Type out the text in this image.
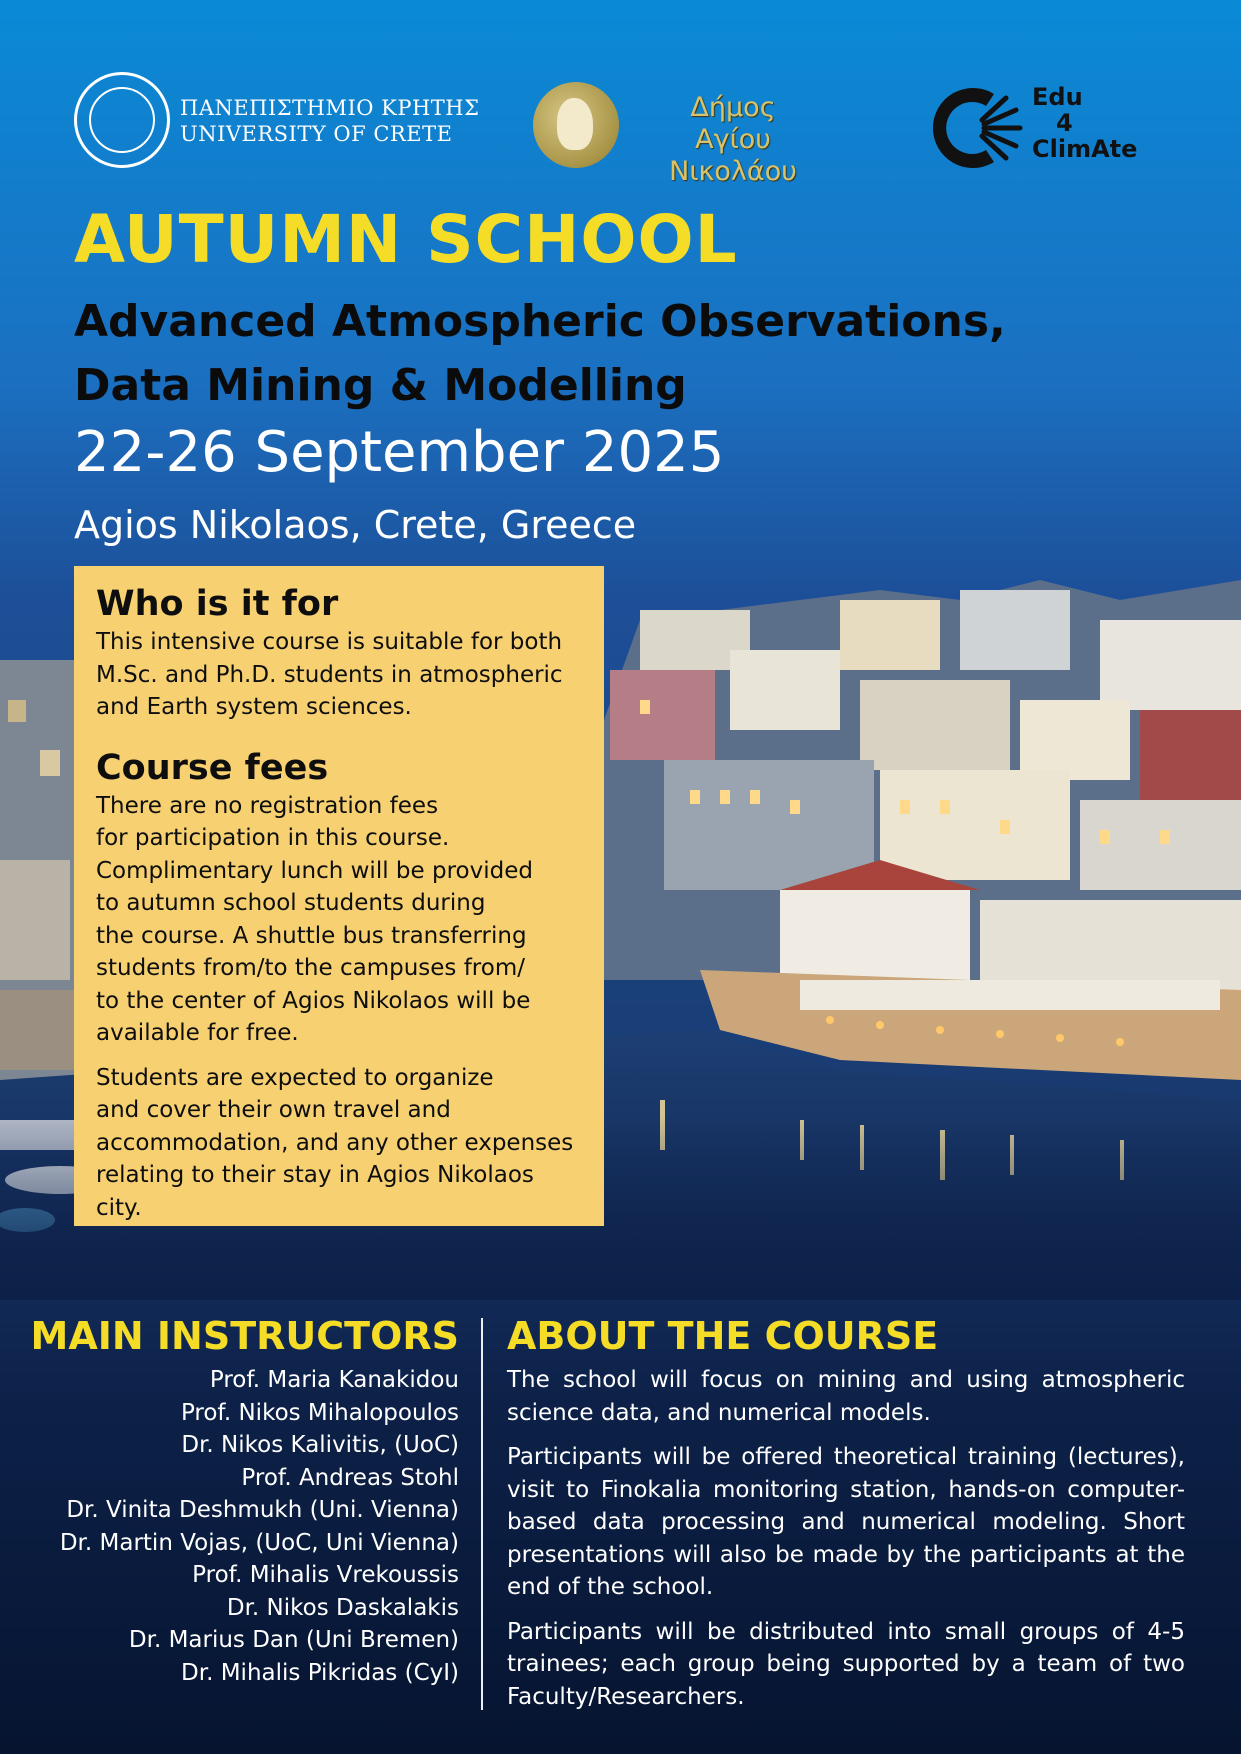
ΠΑΝΕΠΙΣΤΗΜΙΟ ΚΡΗΤΗΣ
UNIVERSITY OF CRETE
Δήμος
Αγίου Νικολάου
Edu
4
ClimAte
AUTUMN SCHOOL
Advanced Atmospheric Observations,
Data Mining & Modelling
22-26 September 2025
Agios Nikolaos, Crete, Greece
Who is it for

This intensive course is suitable for both
M.Sc. and Ph.D. students in atmospheric
and Earth system sciences.

Course fees

There are no registration fees
for participation in this course.
Complimentary lunch will be provided
to autumn school students during
the course. A shuttle bus transferring
students from/to the campuses from/
to the center of Agios Nikolaos will be
available for free.

Students are expected to organize
and cover their own travel and
accommodation, and any other expenses
relating to their stay in Agios Nikolaos city.

MAIN INSTRUCTORS
Prof. Maria Kanakidou
Prof. Nikos Mihalopoulos
Dr. Nikos Kalivitis, (UoC)
Prof. Andreas Stohl
Dr. Vinita Deshmukh (Uni. Vienna)
Dr. Martin Vojas, (UoC, Uni Vienna)
Prof. Mihalis Vrekoussis
Dr. Nikos Daskalakis
Dr. Marius Dan (Uni Bremen)
Dr. Mihalis Pikridas (CyI)
ABOUT THE COURSE

The school will focus on mining and using atmospheric science data, and numerical models.

Participants will be offered theoretical training (lectures), visit to Finokalia monitoring station, hands-on computer-based data processing and numerical modeling. Short presentations will also be made by the participants at the end of the school.

Participants will be distributed into small groups of 4-5 trainees; each group being supported by a team of two Faculty/Researchers.
